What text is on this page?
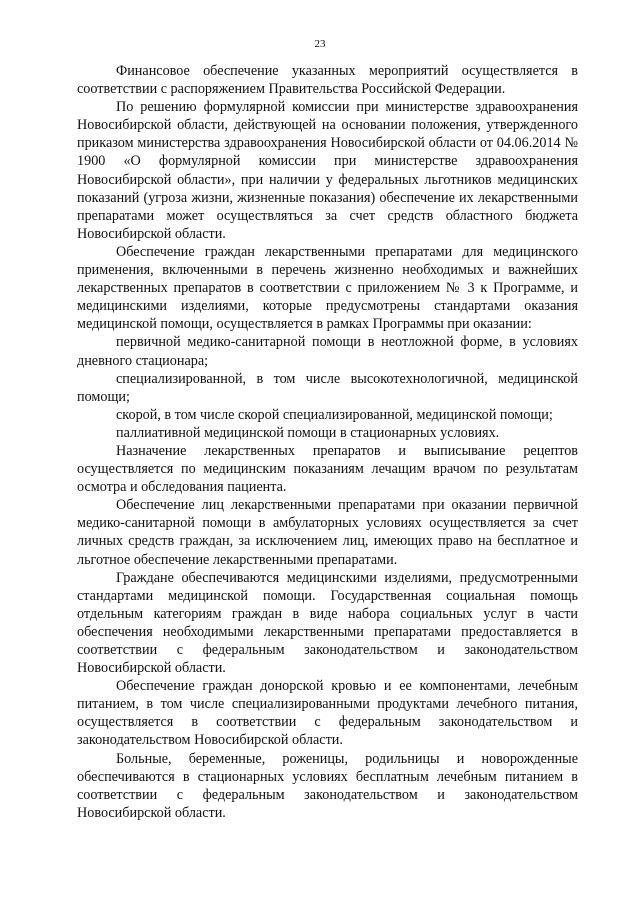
23

Финансовое обеспечение указанных мероприятий осуществляется в соответствии с распоряжением Правительства Российской Федерации.

По решению формулярной комиссии при министерстве здравоохранения Новосибирской области, действующей на основании положения, утвержденного приказом министерства здравоохранения Новосибирской области от 04.06.2014 № 1900 «О формулярной комиссии при министерстве здравоохранения Новосибирской области», при наличии у федеральных льготников медицинских показаний (угроза жизни, жизненные показания) обеспечение их лекарственными препаратами может осуществляться за счет средств областного бюджета Новосибирской области.

Обеспечение граждан лекарственными препаратами для медицинского применения, включенными в перечень жизненно необходимых и важнейших лекарственных препаратов в соответствии с приложением № 3 к Программе, и медицинскими изделиями, которые предусмотрены стандартами оказания медицинской помощи, осуществляется в рамках Программы при оказании:

первичной медико-санитарной помощи в неотложной форме, в условиях дневного стационара;

специализированной, в том числе высокотехнологичной, медицинской помощи;

скорой, в том числе скорой специализированной, медицинской помощи;

паллиативной медицинской помощи в стационарных условиях.

Назначение лекарственных препаратов и выписывание рецептов осуществляется по медицинским показаниям лечащим врачом по результатам осмотра и обследования пациента.

Обеспечение лиц лекарственными препаратами при оказании первичной медико-санитарной помощи в амбулаторных условиях осуществляется за счет личных средств граждан, за исключением лиц, имеющих право на бесплатное и льготное обеспечение лекарственными препаратами.

Граждане обеспечиваются медицинскими изделиями, предусмотренными стандартами медицинской помощи. Государственная социальная помощь отдельным категориям граждан в виде набора социальных услуг в части обеспечения необходимыми лекарственными препаратами предоставляется в соответствии с федеральным законодательством и законодательством Новосибирской области.

Обеспечение граждан донорской кровью и ее компонентами, лечебным питанием, в том числе специализированными продуктами лечебного питания, осуществляется в соответствии с федеральным законодательством и законодательством Новосибирской области.

Больные, беременные, роженицы, родильницы и новорожденные обеспечиваются в стационарных условиях бесплатным лечебным питанием в соответствии с федеральным законодательством и законодательством Новосибирской области.
